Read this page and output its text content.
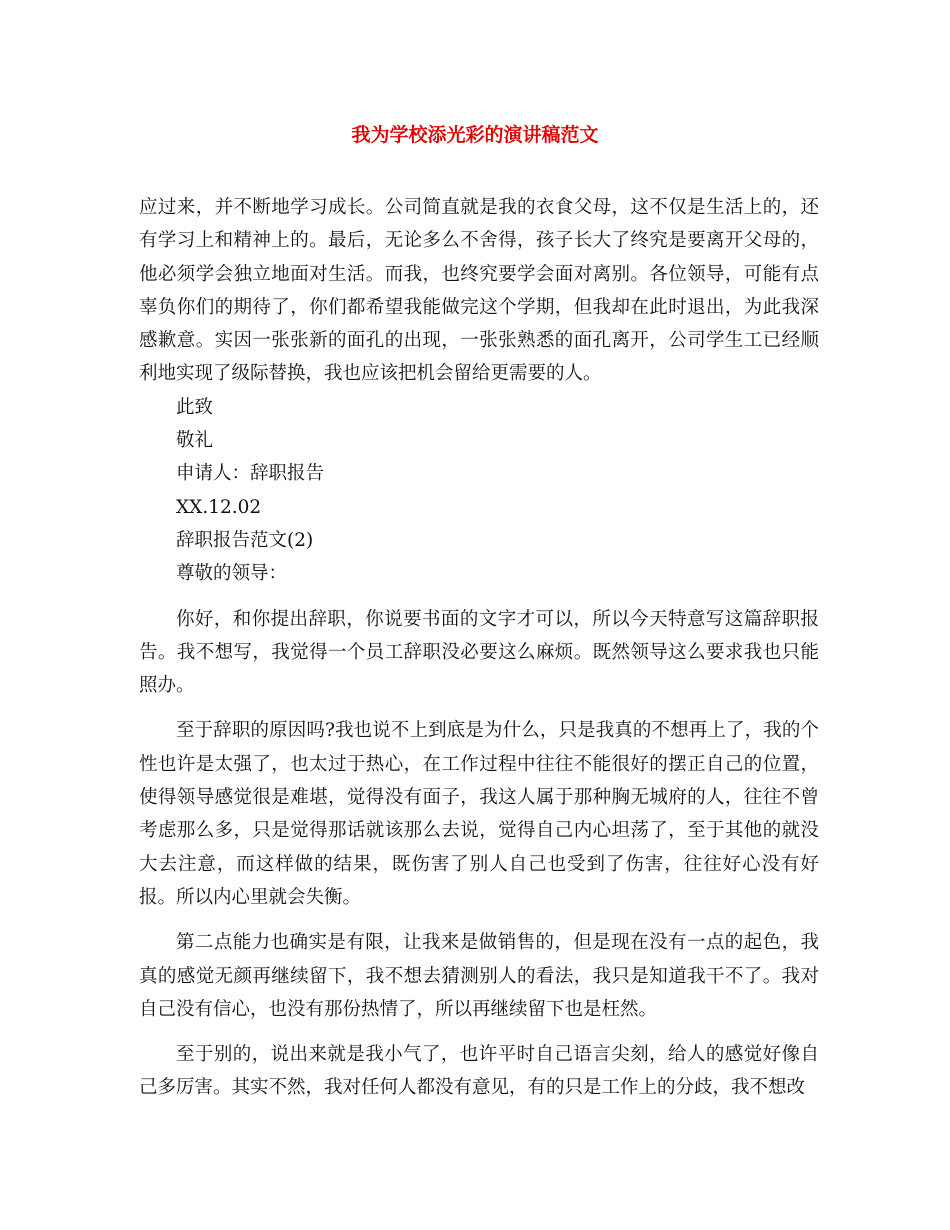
我为学校添光彩的演讲稿范文

应过来，并不断地学习成长。公司简直就是我的衣食父母，这不仅是生活上的，还有学习上和精神上的。最后，无论多么不舍得，孩子长大了终究是要离开父母的，他必须学会独立地面对生活。而我，也终究要学会面对离别。各位领导，可能有点辜负你们的期待了，你们都希望我能做完这个学期，但我却在此时退出，为此我深感歉意。实因一张张新的面孔的出现，一张张熟悉的面孔离开，公司学生工已经顺利地实现了级际替换，我也应该把机会留给更需要的人。

此致

敬礼

申请人：辞职报告

XX.12.02

辞职报告范文(2)

尊敬的领导：

你好，和你提出辞职，你说要书面的文字才可以，所以今天特意写这篇辞职报告。我不想写，我觉得一个员工辞职没必要这么麻烦。既然领导这么要求我也只能照办。

至于辞职的原因吗?我也说不上到底是为什么，只是我真的不想再上了，我的个性也许是太强了，也太过于热心，在工作过程中往往不能很好的摆正自己的位置，使得领导感觉很是难堪，觉得没有面子，我这人属于那种胸无城府的人，往往不曾考虑那么多，只是觉得那话就该那么去说，觉得自己内心坦荡了，至于其他的就没大去注意，而这样做的结果，既伤害了别人自己也受到了伤害，往往好心没有好报。所以内心里就会失衡。

第二点能力也确实是有限，让我来是做销售的，但是现在没有一点的起色，我真的感觉无颜再继续留下，我不想去猜测别人的看法，我只是知道我干不了。我对自己没有信心，也没有那份热情了，所以再继续留下也是枉然。

至于别的，说出来就是我小气了，也许平时自己语言尖刻，给人的感觉好像自己多厉害。其实不然，我对任何人都没有意见，有的只是工作上的分歧，我不想改
